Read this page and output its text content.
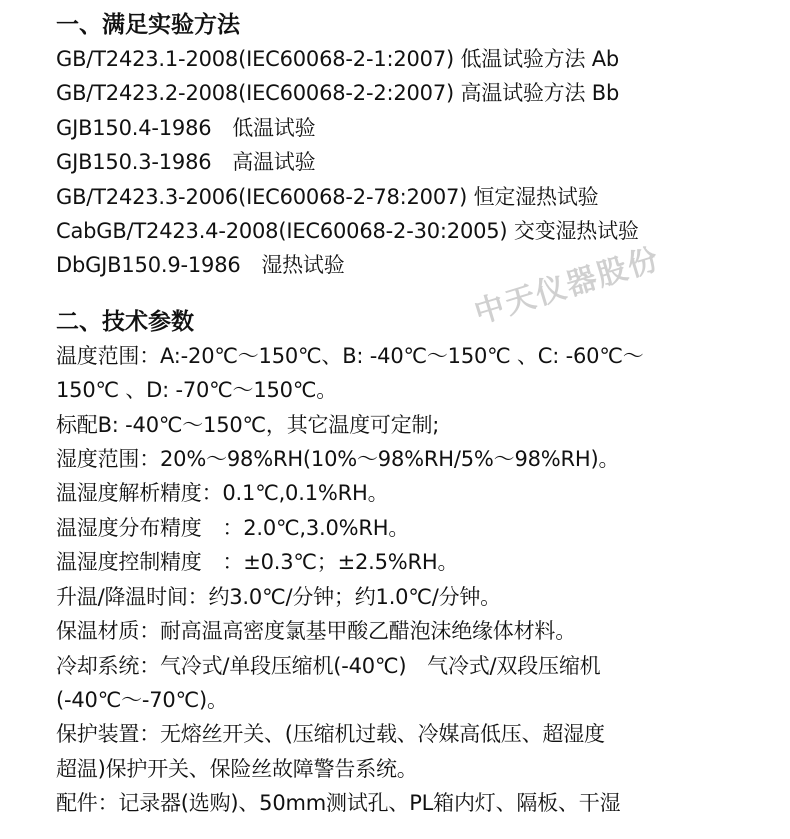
一、满足实验方法
GB/T2423.1-2008(IEC60068-2-1:2007) 低温试验方法 Ab
GB/T2423.2-2008(IEC60068-2-2:2007) 高温试验方法 Bb
GJB150.4-1986　低温试验
GJB150.3-1986　高温试验
GB/T2423.3-2006(IEC60068-2-78:2007) 恒定湿热试验
CabGB/T2423.4-2008(IEC60068-2-30:2005) 交变湿热试验
DbGJB150.9-1986　湿热试验
二、技术参数
温度范围：A:-20℃～150℃、B: -40℃～150℃ 、C: -60℃～
150℃ 、D: -70℃～150℃。
标配B: -40℃～150℃，其它温度可定制;
湿度范围：20%～98%RH(10%～98%RH/5%～98%RH)。
温湿度解析精度：0.1℃,0.1%RH。
温湿度分布精度　：2.0℃,3.0%RH。
温湿度控制精度　：±0.3℃；±2.5%RH。
升温/降温时间：约3.0℃/分钟；约1.0℃/分钟。
保温材质：耐高温高密度氯基甲酸乙醋泡沫绝缘体材料。
冷却系统：气冷式/单段压缩机(-40℃)　气冷式/双段压缩机
(-40℃～-70℃)。
保护装置：无熔丝开关、(压缩机过载、冷媒高低压、超湿度
超温)保护开关、保险丝故障警告系统。
配件：记录器(选购)、50mm测试孔、PL箱内灯、隔板、干湿
中天仪器股份
